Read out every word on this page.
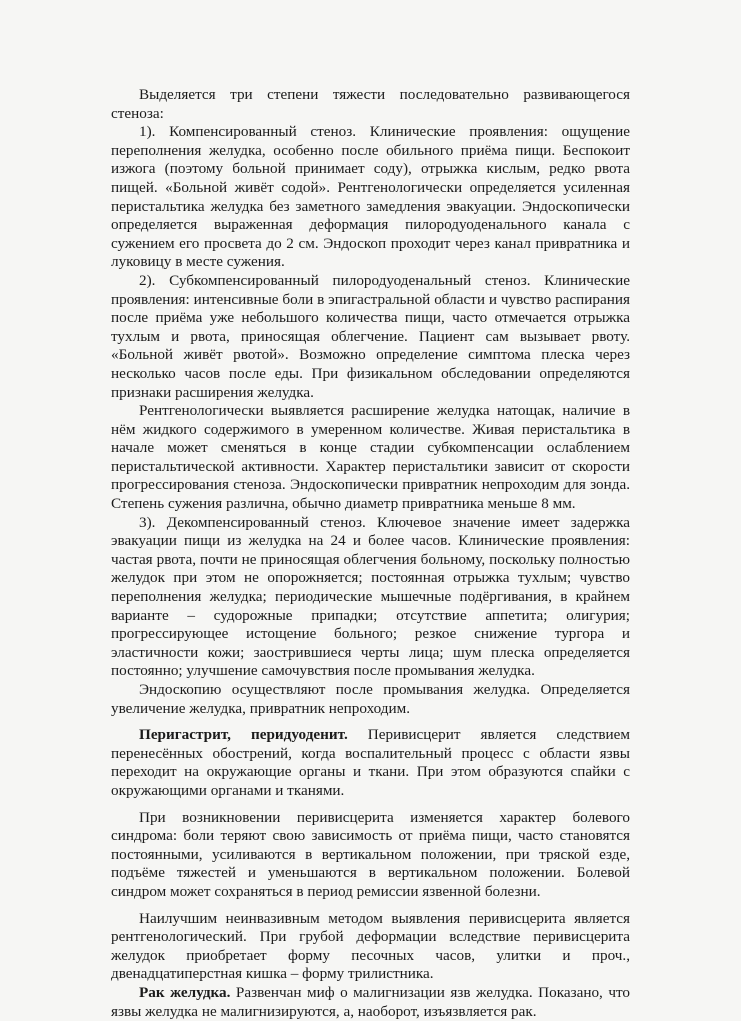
Выделяется три степени тяжести последовательно развивающегося стеноза:

1). Компенсированный стеноз. Клинические проявления: ощущение переполнения желудка, особенно после обильного приёма пищи. Беспокоит изжога (поэтому больной принимает соду), отрыжка кислым, редко рвота пищей. «Больной живёт содой». Рентгенологически определяется усиленная перистальтика желудка без заметного замедления эвакуации. Эндоскопически определяется выраженная деформация пилородуоденального канала с сужением его просвета до 2 см. Эндоскоп проходит через канал привратника и луковицу в месте сужения.

2). Субкомпенсированный пилородуоденальный стеноз. Клинические проявления: интенсивные боли в эпигастральной области и чувство распирания после приёма уже небольшого количества пищи, часто отмечается отрыжка тухлым и рвота, приносящая облегчение. Пациент сам вызывает рвоту. «Больной живёт рвотой». Возможно определение симптома плеска через несколько часов после еды. При физикальном обследовании определяются признаки расширения желудка.

Рентгенологически выявляется расширение желудка натощак, наличие в нём жидкого содержимого в умеренном количестве. Живая перистальтика в начале может сменяться в конце стадии субкомпенсации ослаблением перистальтической активности. Характер перистальтики зависит от скорости прогрессирования стеноза. Эндоскопически привратник непроходим для зонда. Степень сужения различна, обычно диаметр привратника меньше 8 мм.

3). Декомпенсированный стеноз. Ключевое значение имеет задержка эвакуации пищи из желудка на 24 и более часов. Клинические проявления: частая рвота, почти не приносящая облегчения больному, поскольку полностью желудок при этом не опорожняется; постоянная отрыжка тухлым; чувство переполнения желудка; периодические мышечные подёргивания, в крайнем варианте – судорожные припадки; отсутствие аппетита; олигурия; прогрессирующее истощение больного; резкое снижение тургора и эластичности кожи; заострившиеся черты лица; шум плеска определяется постоянно; улучшение самочувствия после промывания желудка.

Эндоскопию осуществляют после промывания желудка. Определяется увеличение желудка, привратник непроходим.

Перигастрит, перидуоденит. Перивисцерит является следствием перенесённых обострений, когда воспалительный процесс с области язвы переходит на окружающие органы и ткани. При этом образуются спайки с окружающими органами и тканями.

При возникновении перивисцерита изменяется характер болевого синдрома: боли теряют свою зависимость от приёма пищи, часто становятся постоянными, усиливаются в вертикальном положении, при тряской езде, подъёме тяжестей и уменьшаются в вертикальном положении. Болевой синдром может сохраняться в период ремиссии язвенной болезни.

Наилучшим неинвазивным методом выявления перивисцерита является рентгенологический. При грубой деформации вследствие перивисцерита желудок приобретает форму песочных часов, улитки и проч., двенадцатиперстная кишка – форму трилистника.

Рак желудка. Развенчан миф о малигнизации язв желудка. Показано, что язвы желудка не малигнизируются, а, наоборот, изъязвляется рак.
